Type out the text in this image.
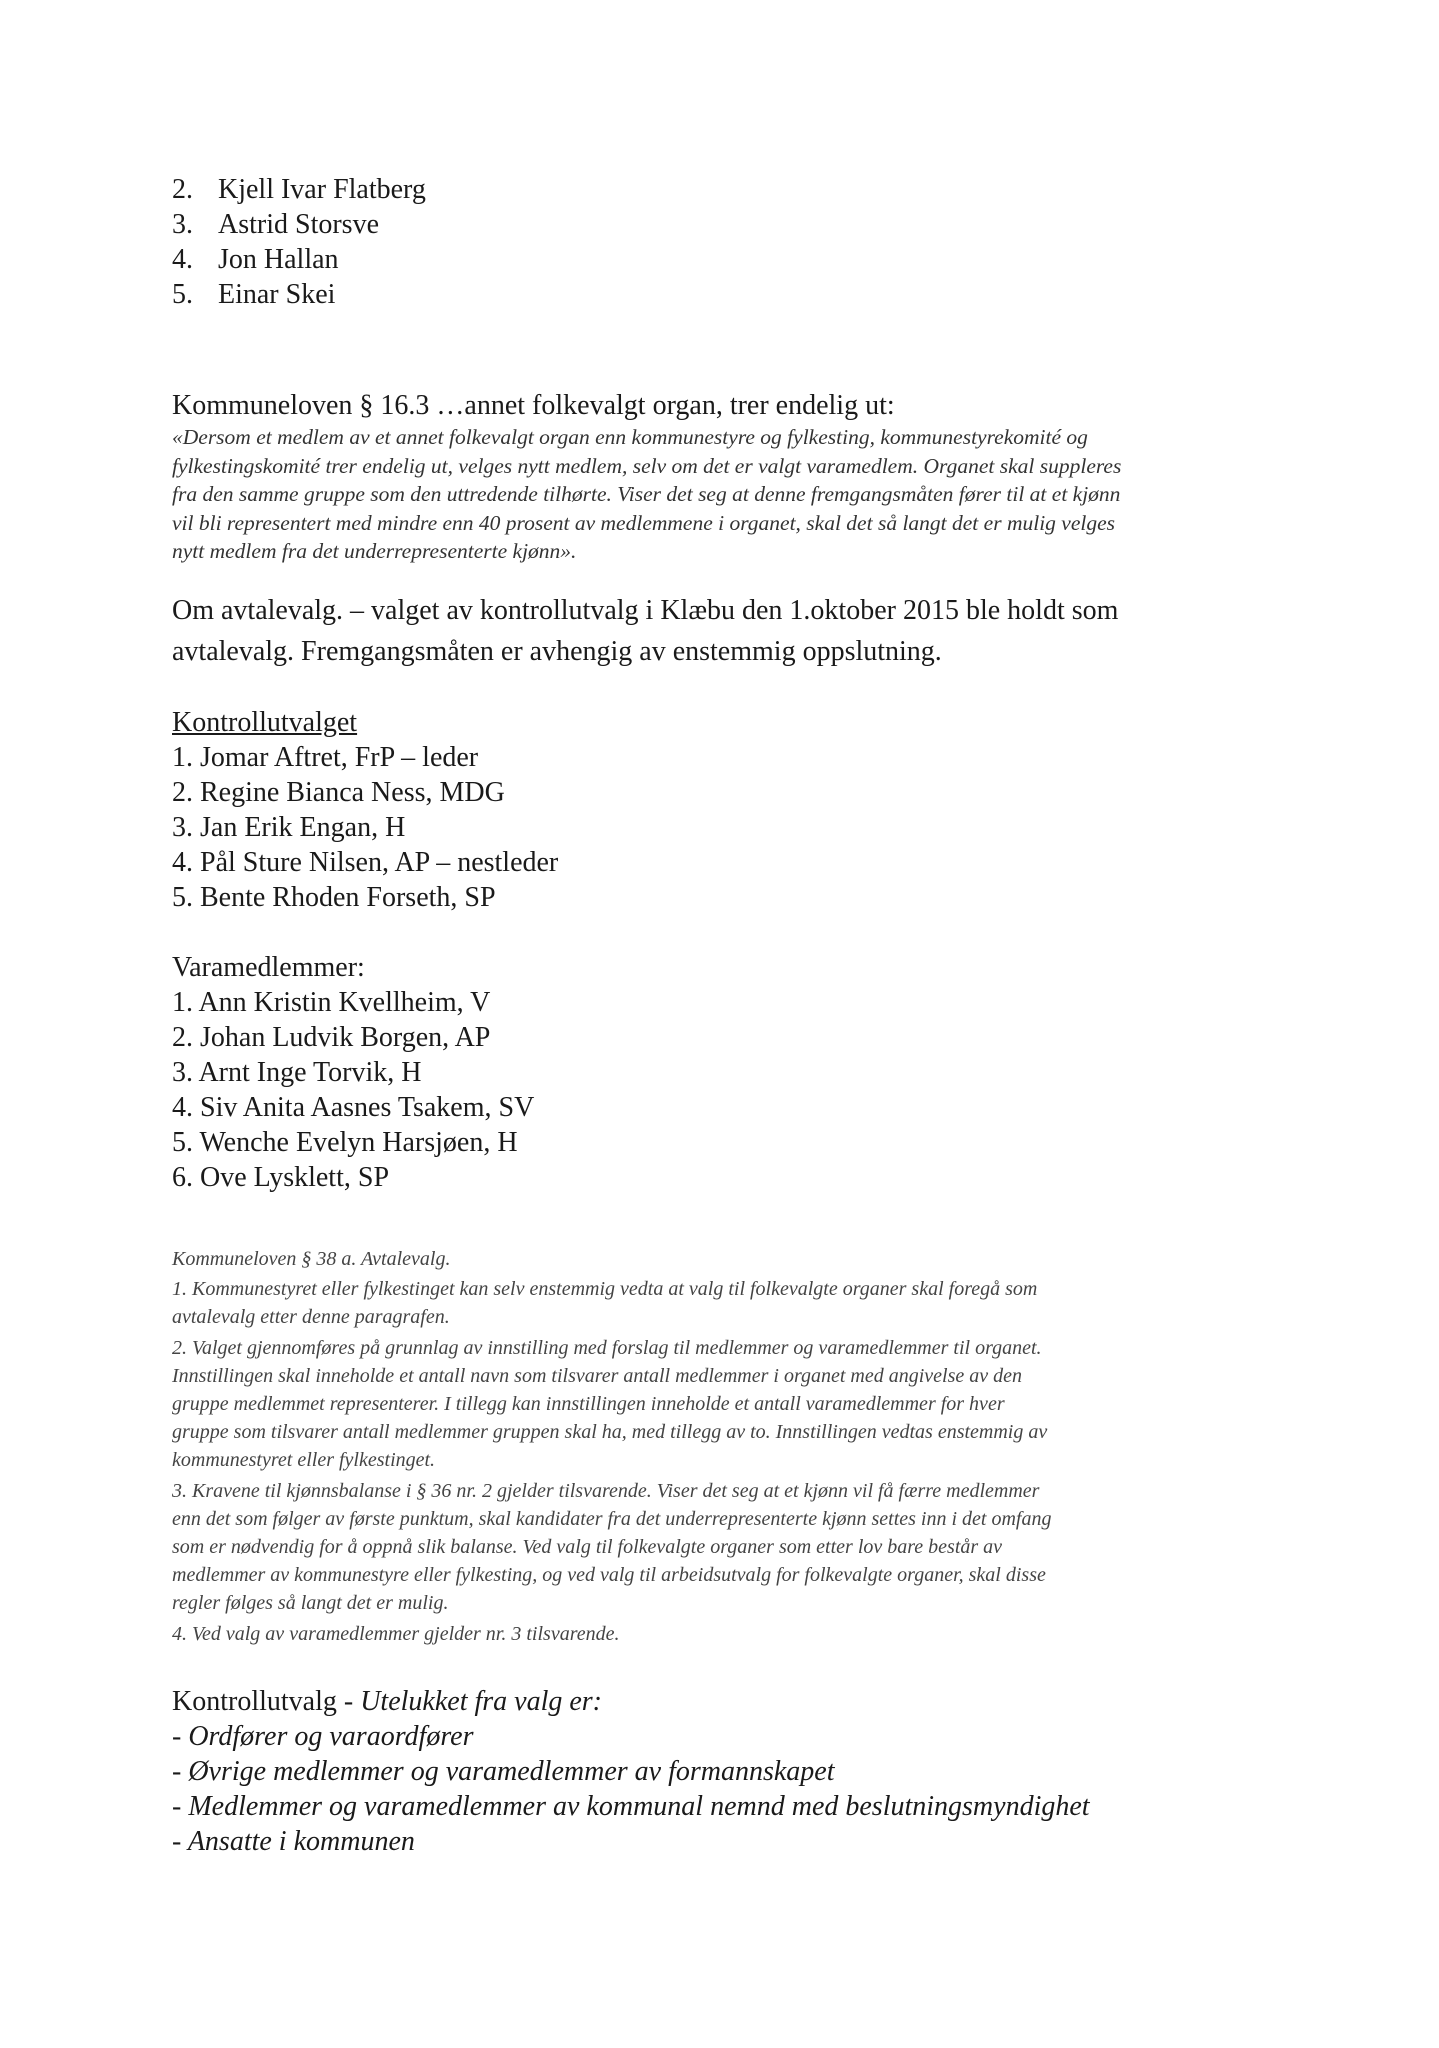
2. Kjell Ivar Flatberg
3. Astrid Storsve
4. Jon Hallan
5. Einar Skei
Kommuneloven § 16.3 …annet folkevalgt organ, trer endelig ut:
«Dersom et medlem av et annet folkevalgt organ enn kommunestyre og fylkesting, kommunestyrekomité og
fylkestingskomité trer endelig ut, velges nytt medlem, selv om det er valgt varamedlem. Organet skal suppleres
fra den samme gruppe som den uttredende tilhørte. Viser det seg at denne fremgangsmåten fører til at et kjønn
vil bli representert med mindre enn 40 prosent av medlemmene i organet, skal det så langt det er mulig velges
nytt medlem fra det underrepresenterte kjønn».
Om avtalevalg. – valget av kontrollutvalg i Klæbu den 1.oktober 2015 ble holdt som
avtalevalg. Fremgangsmåten er avhengig av enstemmig oppslutning.
Kontrollutvalget
1. Jomar Aftret, FrP – leder
2. Regine Bianca Ness, MDG
3. Jan Erik Engan, H
4. Pål Sture Nilsen, AP – nestleder
5. Bente Rhoden Forseth, SP
Varamedlemmer:
1. Ann Kristin Kvellheim, V
2. Johan Ludvik Borgen, AP
3. Arnt Inge Torvik, H
4. Siv Anita Aasnes Tsakem, SV
5. Wenche Evelyn Harsjøen, H
6. Ove Lysklett, SP
Kommuneloven § 38 a. Avtalevalg.
1. Kommunestyret eller fylkestinget kan selv enstemmig vedta at valg til folkevalgte organer skal foregå som
avtalevalg etter denne paragrafen.
2. Valget gjennomføres på grunnlag av innstilling med forslag til medlemmer og varamedlemmer til organet.
Innstillingen skal inneholde et antall navn som tilsvarer antall medlemmer i organet med angivelse av den
gruppe medlemmet representerer. I tillegg kan innstillingen inneholde et antall varamedlemmer for hver
gruppe som tilsvarer antall medlemmer gruppen skal ha, med tillegg av to. Innstillingen vedtas enstemmig av
kommunestyret eller fylkestinget.
3. Kravene til kjønnsbalanse i § 36 nr. 2 gjelder tilsvarende. Viser det seg at et kjønn vil få færre medlemmer
enn det som følger av første punktum, skal kandidater fra det underrepresenterte kjønn settes inn i det omfang
som er nødvendig for å oppnå slik balanse. Ved valg til folkevalgte organer som etter lov bare består av
medlemmer av kommunestyre eller fylkesting, og ved valg til arbeidsutvalg for folkevalgte organer, skal disse
regler følges så langt det er mulig.
4. Ved valg av varamedlemmer gjelder nr. 3 tilsvarende.
Kontrollutvalg - Utelukket fra valg er:
- Ordfører og varaordfører
- Øvrige medlemmer og varamedlemmer av formannskapet
- Medlemmer og varamedlemmer av kommunal nemnd med beslutningsmyndighet
- Ansatte i kommunen
